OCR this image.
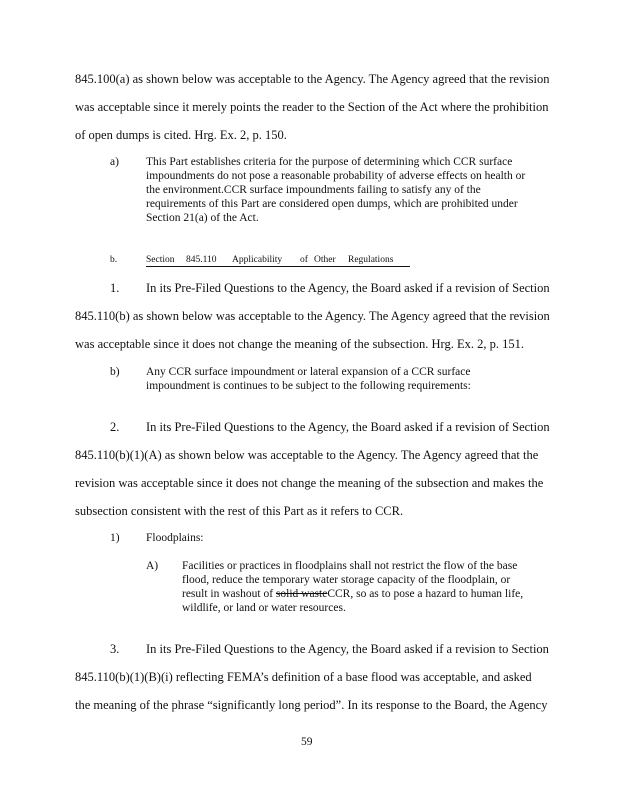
845.100(a) as shown below was acceptable to the Agency. The Agency agreed that the revision
was acceptable since it merely points the reader to the Section of the Act where the prohibition
of open dumps is cited. Hrg. Ex. 2, p. 150.
a) This Part establishes criteria for the purpose of determining which CCR surface
impoundments do not pose a reasonable probability of adverse effects on health or
the environment.CCR surface impoundments failing to satisfy any of the
requirements of this Part are considered open dumps, which are prohibited under
Section 21(a) of the Act.
b.	Section 845.110 Applicability of Other Regulations
1. In its Pre-Filed Questions to the Agency, the Board asked if a revision of Section
845.110(b) as shown below was acceptable to the Agency. The Agency agreed that the revision
was acceptable since it does not change the meaning of the subsection. Hrg. Ex. 2, p. 151.
b) Any CCR surface impoundment or lateral expansion of a CCR surface
impoundment is continues to be subject to the following requirements:
2. In its Pre-Filed Questions to the Agency, the Board asked if a revision of Section
845.110(b)(1)(A) as shown below was acceptable to the Agency. The Agency agreed that the
revision was acceptable since it does not change the meaning of the subsection and makes the
subsection consistent with the rest of this Part as it refers to CCR.
1) Floodplains:
A) Facilities or practices in floodplains shall not restrict the flow of the base
flood, reduce the temporary water storage capacity of the floodplain, or
result in washout of solid wasteCCR, so as to pose a hazard to human life,
wildlife, or land or water resources.
3. In its Pre-Filed Questions to the Agency, the Board asked if a revision to Section
845.110(b)(1)(B)(i) reflecting FEMA’s definition of a base flood was acceptable, and asked
the meaning of the phrase “significantly long period”. In its response to the Board, the Agency
59
